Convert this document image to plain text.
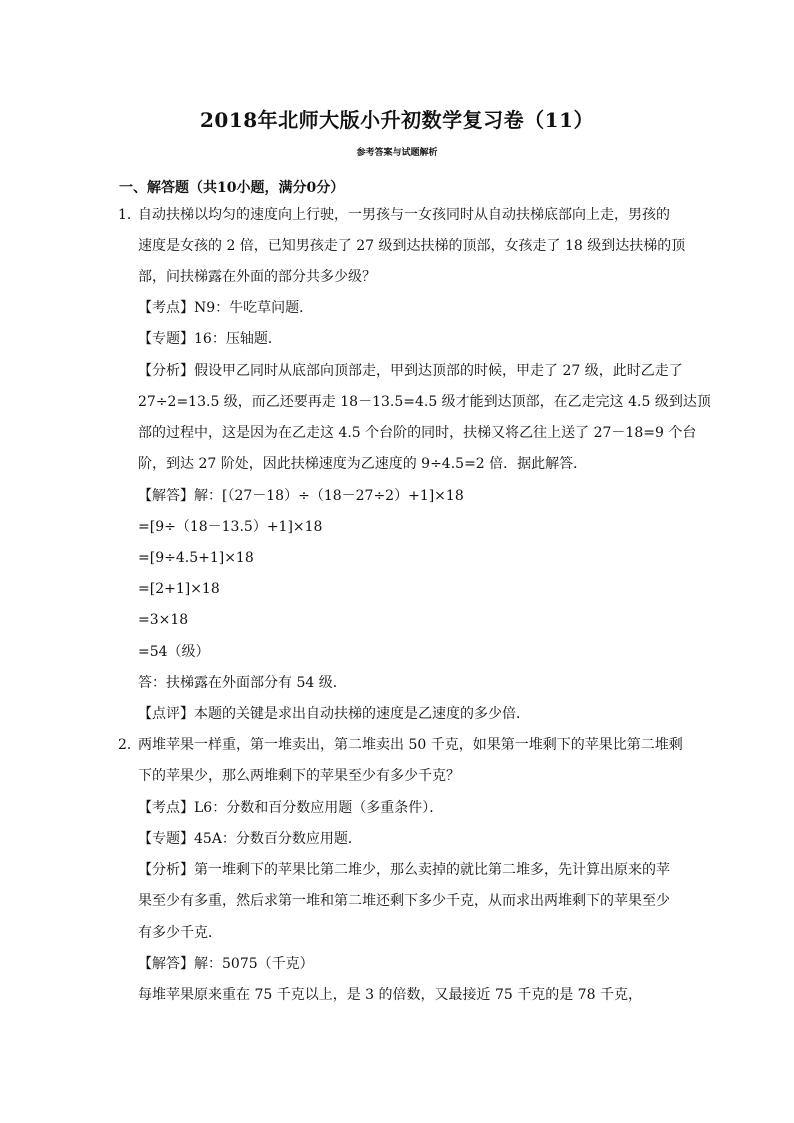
2018年北师大版小升初数学复习卷（11）
参考答案与试题解析
一、解答题（共10小题，满分0分）
1．
自动扶梯以均匀的速度向上行驶，一男孩与一女孩同时从自动扶梯底部向上走，男孩的
速度是女孩的 2 倍，已知男孩走了 27 级到达扶梯的顶部，女孩走了 18 级到达扶梯的顶
部，问扶梯露在外面的部分共多少级？
【考点】N9：牛吃草问题．
【专题】16：压轴题．
【分析】假设甲乙同时从底部向顶部走，甲到达顶部的时候，甲走了 27 级，此时乙走了
27÷2=13.5 级，而乙还要再走 18－13.5=4.5 级才能到达顶部，在乙走完这 4.5 级到达顶
部的过程中，这是因为在乙走这 4.5 个台阶的同时，扶梯又将乙往上送了 27－18=9 个台
阶，到达 27 阶处，因此扶梯速度为乙速度的 9÷4.5=2 倍．据此解答．
【解答】解：[（27－18）÷（18－27÷2）+1]×18
=[9÷（18－13.5）+1]×18
=[9÷4.5+1]×18
=[2+1]×18
=3×18
=54（级）
答：扶梯露在外面部分有 54 级．
【点评】本题的关键是求出自动扶梯的速度是乙速度的多少倍．
2．
两堆苹果一样重，第一堆卖出，第二堆卖出 50 千克，如果第一堆剩下的苹果比第二堆剩
下的苹果少，那么两堆剩下的苹果至少有多少千克？
【考点】L6：分数和百分数应用题（多重条件）．
【专题】45A：分数百分数应用题．
【分析】第一堆剩下的苹果比第二堆少，那么卖掉的就比第二堆多，先计算出原来的苹
果至少有多重，然后求第一堆和第二堆还剩下多少千克，从而求出两堆剩下的苹果至少
有多少千克．
【解答】解：5075（千克）
每堆苹果原来重在 75 千克以上，是 3 的倍数，又最接近 75 千克的是 78 千克，
